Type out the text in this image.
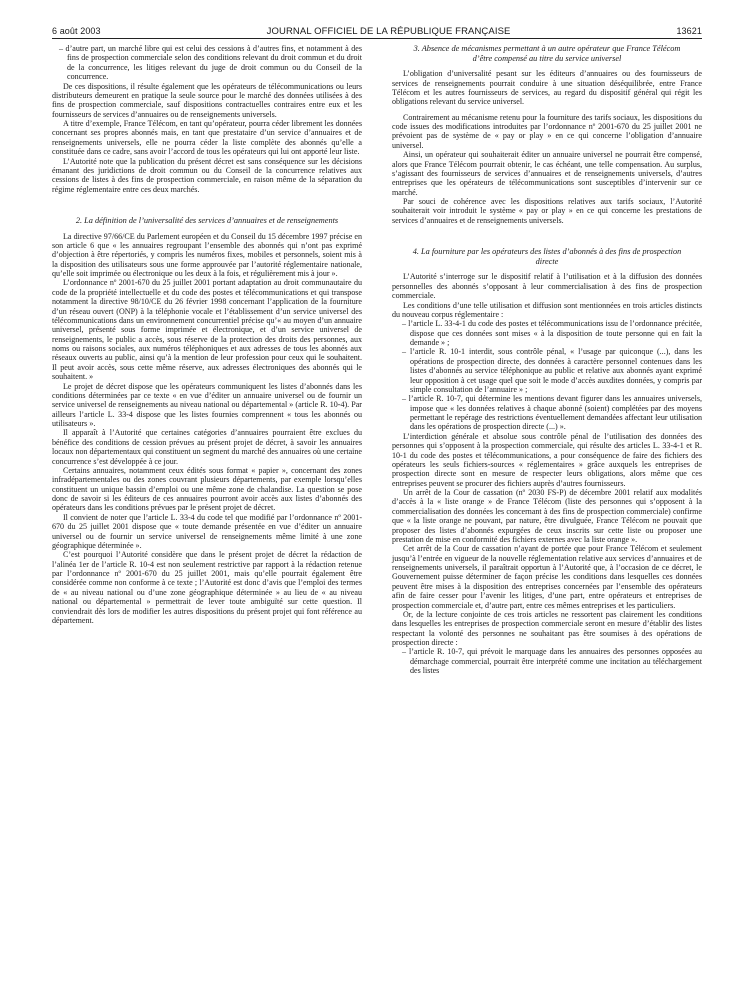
6 août 2003	JOURNAL OFFICIEL DE LA RÉPUBLIQUE FRANÇAISE	13621

– d’autre part, un marché libre qui est celui des cessions à d’autres fins, et notamment à des fins de prospection commerciale selon des conditions relevant du droit commun et du droit de la concurrence, les litiges relevant du juge de droit commun ou du Conseil de la concurrence.

De ces dispositions, il résulte également que les opérateurs de télécommunications ou leurs distributeurs demeurent en pratique la seule source pour le marché des données utilisées à des fins de prospection commerciale, sauf dispositions contractuelles contraires entre eux et les fournisseurs de services d’annuaires ou de renseignements universels.

A titre d’exemple, France Télécom, en tant qu’opérateur, pourra céder librement les données concernant ses propres abonnés mais, en tant que prestataire d’un service d’annuaires et de renseignements universels, elle ne pourra céder la liste complète des abonnés qu’elle a constituée dans ce cadre, sans avoir l’accord de tous les opérateurs qui lui ont apporté leur liste.

L’Autorité note que la publication du présent décret est sans conséquence sur les décisions émanant des juridictions de droit commun ou du Conseil de la concurrence relatives aux cessions de listes à des fins de prospection commerciale, en raison même de la séparation du régime réglementaire entre ces deux marchés.

2. La définition de l’universalité des services d’annuaires et de renseignements

La directive 97/66/CE du Parlement européen et du Conseil du 15 décembre 1997 précise en son article 6 que « les annuaires regroupant l’ensemble des abonnés qui n’ont pas exprimé d’objection à être répertoriés, y compris les numéros fixes, mobiles et personnels, soient mis à la disposition des utilisateurs sous une forme approuvée par l’autorité réglementaire nationale, qu’elle soit imprimée ou électronique ou les deux à la fois, et régulièrement mis à jour ».

L’ordonnance nº 2001-670 du 25 juillet 2001 portant adaptation au droit communautaire du code de la propriété intellectuelle et du code des postes et télécommunications et qui transpose notamment la directive 98/10/CE du 26 février 1998 concernant l’application de la fourniture d’un réseau ouvert (ONP) à la téléphonie vocale et l’établissement d’un service universel des télécommunications dans un environnement concurrentiel précise qu’« au moyen d’un annuaire universel, présenté sous forme imprimée et électronique, et d’un service universel de renseignements, le public a accès, sous réserve de la protection des droits des personnes, aux noms ou raisons sociales, aux numéros téléphoniques et aux adresses de tous les abonnés aux réseaux ouverts au public, ainsi qu’à la mention de leur profession pour ceux qui le souhaitent. Il peut avoir accès, sous cette même réserve, aux adresses électroniques des abonnés qui le souhaitent. »

Le projet de décret dispose que les opérateurs communiquent les listes d’abonnés dans les conditions déterminées par ce texte « en vue d’éditer un annuaire universel ou de fournir un service universel de renseignements au niveau national ou départemental » (article R. 10-4). Par ailleurs l’article L. 33-4 dispose que les listes fournies comprennent « tous les abonnés ou utilisateurs ».

Il apparaît à l’Autorité que certaines catégories d’annuaires pourraient être exclues du bénéfice des conditions de cession prévues au présent projet de décret, à savoir les annuaires locaux non départementaux qui constituent un segment du marché des annuaires où une certaine concurrence s’est développée à ce jour.

Certains annuaires, notamment ceux édités sous format « papier », concernant des zones infradépartementales ou des zones couvrant plusieurs départements, par exemple lorsqu’elles constituent un unique bassin d’emploi ou une même zone de chalandise. La question se pose donc de savoir si les éditeurs de ces annuaires pourront avoir accès aux listes d’abonnés des opérateurs dans les conditions prévues par le présent projet de décret.

Il convient de noter que l’article L. 33-4 du code tel que modifié par l’ordonnance nº 2001-670 du 25 juillet 2001 dispose que « toute demande présentée en vue d’éditer un annuaire universel ou de fournir un service universel de renseignements même limité à une zone géographique déterminée ».

C’est pourquoi l’Autorité considère que dans le présent projet de décret la rédaction de l’alinéa 1er de l’article R. 10-4 est non seulement restrictive par rapport à la rédaction retenue par l’ordonnance nº 2001-670 du 25 juillet 2001, mais qu’elle pourrait également être considérée comme non conforme à ce texte ; l’Autorité est donc d’avis que l’emploi des termes de « au niveau national ou d’une zone géographique déterminée » au lieu de « au niveau national ou départemental » permettrait de lever toute ambiguïté sur cette question. Il conviendrait dès lors de modifier les autres dispositions du présent projet qui font référence au département.

3. Absence de mécanismes permettant à un autre opérateur que France Télécom d’être compensé au titre du service universel

L’obligation d’universalité pesant sur les éditeurs d’annuaires ou des fournisseurs de services de renseignements pourrait conduire à une situation déséquilibrée, entre France Télécom et les autres fournisseurs de services, au regard du dispositif général qui régit les obligations relevant du service universel.

Contrairement au mécanisme retenu pour la fourniture des tarifs sociaux, les dispositions du code issues des modifications introduites par l’ordonnance nº 2001-670 du 25 juillet 2001 ne prévoient pas de système de « pay or play » en ce qui concerne l’obligation d’annuaire universel.

Ainsi, un opérateur qui souhaiterait éditer un annuaire universel ne pourrait être compensé, alors que France Télécom pourrait obtenir, le cas échéant, une telle compensation. Au surplus, s’agissant des fournisseurs de services d’annuaires et de renseignements universels, d’autres entreprises que les opérateurs de télécommunications sont susceptibles d’intervenir sur ce marché.

Par souci de cohérence avec les dispositions relatives aux tarifs sociaux, l’Autorité souhaiterait voir introduit le système « pay or play » en ce qui concerne les prestations de services d’annuaires et de renseignements universels.

4. La fourniture par les opérateurs des listes d’abonnés à des fins de prospection directe

L’Autorité s’interroge sur le dispositif relatif à l’utilisation et à la diffusion des données personnelles des abonnés s’opposant à leur commercialisation à des fins de prospection commerciale.

Les conditions d’une telle utilisation et diffusion sont mentionnées en trois articles distincts du nouveau corpus réglementaire :

– l’article L. 33-4-1 du code des postes et télécommunications issu de l’ordonnance précitée, dispose que ces données sont mises « à la disposition de toute personne qui en fait la demande » ;

– l’article R. 10-1 interdit, sous contrôle pénal, « l’usage par quiconque (...), dans les opérations de prospection directe, des données à caractère personnel contenues dans les listes d’abonnés au service téléphonique au public et relative aux abonnés ayant exprimé leur opposition à cet usage quel que soit le mode d’accès auxdites données, y compris par simple consultation de l’annuaire » ;

– l’article R. 10-7, qui détermine les mentions devant figurer dans les annuaires universels, impose que « les données relatives à chaque abonné (soient) complétées par des moyens permettant le repérage des restrictions éventuellement demandées affectant leur utilisation dans les opérations de prospection directe (...) ».

L’interdiction générale et absolue sous contrôle pénal de l’utilisation des données des personnes qui s’opposent à la prospection commerciale, qui résulte des articles L. 33-4-1 et R. 10-1 du code des postes et télécommunications, a pour conséquence de faire des fichiers des opérateurs les seuls fichiers-sources « réglementaires » grâce auxquels les entreprises de prospection directe sont en mesure de respecter leurs obligations, alors même que ces entreprises peuvent se procurer des fichiers auprès d’autres fournisseurs.

Un arrêt de la Cour de cassation (nº 2030 FS-P) de décembre 2001 relatif aux modalités d’accès à la « liste orange » de France Télécom (liste des personnes qui s’opposent à la commercialisation des données les concernant à des fins de prospection commerciale) confirme que « la liste orange ne pouvant, par nature, être divulguée, France Télécom ne pouvait que proposer des listes d’abonnés expurgées de ceux inscrits sur cette liste ou proposer une prestation de mise en conformité des fichiers externes avec la liste orange ».

Cet arrêt de la Cour de cassation n’ayant de portée que pour France Télécom et seulement jusqu’à l’entrée en vigueur de la nouvelle réglementation relative aux services d’annuaires et de renseignements universels, il paraîtrait opportun à l’Autorité que, à l’occasion de ce décret, le Gouvernement puisse déterminer de façon précise les conditions dans lesquelles ces données peuvent être mises à la disposition des entreprises concernées par l’ensemble des opérateurs afin de faire cesser pour l’avenir les litiges, d’une part, entre opérateurs et entreprises de prospection commerciale et, d’autre part, entre ces mêmes entreprises et les particuliers.

Or, de la lecture conjointe de ces trois articles ne ressortent pas clairement les conditions dans lesquelles les entreprises de prospection commerciale seront en mesure d’établir des listes respectant la volonté des personnes ne souhaitant pas être soumises à des opérations de prospection directe :

– l’article R. 10-7, qui prévoit le marquage dans les annuaires des personnes opposées au démarchage commercial, pourrait être interprété comme une incitation au téléchargement des listes
